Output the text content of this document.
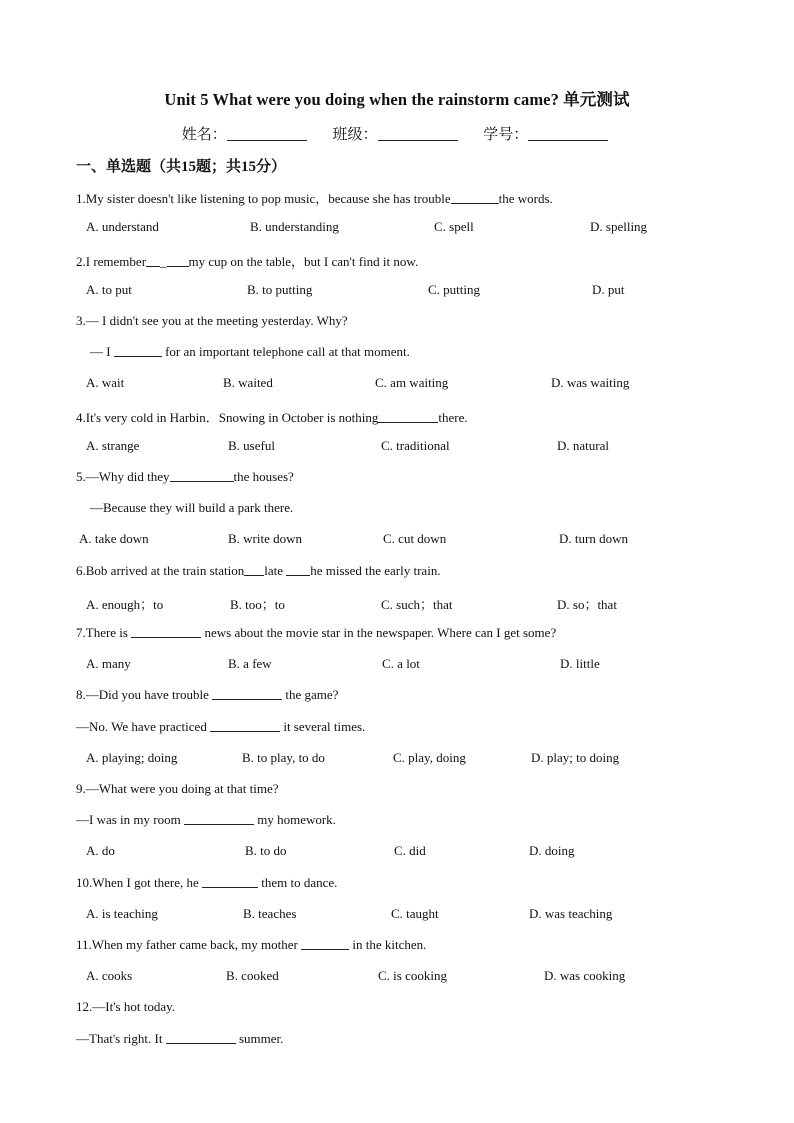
Unit 5 What were you doing when the rainstorm came? 单元测试
姓名：	班级：	学号：
一、单选题（共15题；共15分）
1.My sister doesn't like listening to pop music，because she has trouble	the words.
A. understand	B. understanding	C. spell	D. spelling
2.I remember _ my cup on the table，but I can't find it now.
A. to put	B. to putting	C. putting	D. put
3.— I didn't see you at the meeting yesterday. Why?
— I	for an important telephone call at that moment.
A. wait	B. waited	C. am waiting	D. was waiting
4.It's very cold in Harbin．Snowing in October is nothing	there.
A. strange	B. useful	C. traditional	D. natural
5.—Why did they	the houses?
—Because they will build a park there.
A. take down	B. write down	C. cut down	D. turn down
6.Bob arrived at the train station late he missed the early train.
A. enough；to	B. too；to	C. such；that	D. so；that
7.There is	news about the movie star in the newspaper. Where can I get some?
A. many	B. a few	C. a lot	D. little
8.—Did you have trouble	the game?
—No. We have practiced	it several times.
A. playing; doing	B. to play, to do	C. play, doing	D. play; to doing
9.—What were you doing at that time?
—I was in my room	my homework.
A. do	B. to do	C. did	D. doing
10.When I got there, he	them to dance.
A. is teaching	B. teaches	C. taught	D. was teaching
11.When my father came back, my mother	in the kitchen.
A. cooks	B. cooked	C. is cooking	D. was cooking
12.—It's hot today.
—That's right. It	summer.
